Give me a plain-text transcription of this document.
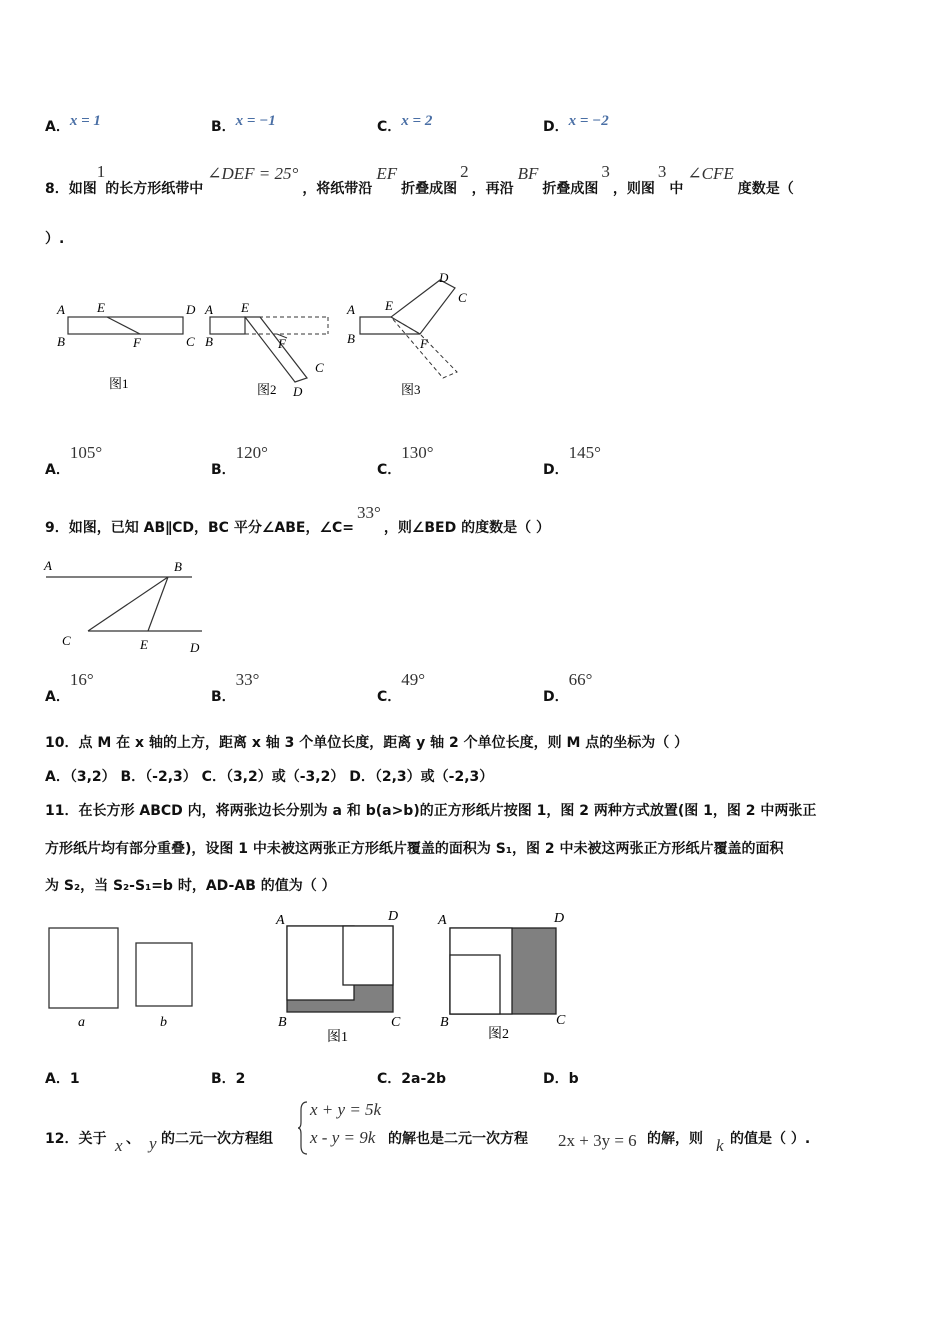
A．x = 1	B．x = −1	C．x = 2	D．x = −2
8．如图1的长方形纸带中∠DEF = 25°，将纸带沿EF折叠成图2，再沿BF折叠成图3，则图3中∠CFE度数是（
）.
A E	D
B	F	C
图1
A E
B	F
C
D
图2
A E
D
C
B	F
图3
A．105°
B．120°
C．130°
D．145°
9．如图，已知 AB∥CD，BC 平分∠ABE，∠C=33°，则∠BED 的度数是（ ）
A	B
C	E	D
A．16°
B．33°
C．49°
D．66°
10．点 M 在 x 轴的上方，距离 x 轴 3 个单位长度，距离 y 轴 2 个单位长度，则 M 点的坐标为（ ）
A．（3,2） B．（-2,3） C．（3,2）或（-3,2） D．（2,3）或（-2,3）
11．在长方形 ABCD 内，将两张边长分别为 a 和 b(a>b)的正方形纸片按图 1，图 2 两种方式放置(图 1，图 2 中两张正
方形纸片均有部分重叠)，设图 1 中未被这两张正方形纸片覆盖的面积为 S₁，图 2 中未被这两张正方形纸片覆盖的面积
为 S₂，当 S₂-S₁=b 时，AD-AB 的值为（ ）
a	b
A	D
B	C
图1
A	D
B	C
图2
A．1	B．2	C．2a-2b	D．b
12．关于 x 、 y 的二元一次方程组
x + y = 5k
x - y = 9k 的解也是二元一次方程 2x + 3y = 6 的解，则 k 的值是（ ）.
